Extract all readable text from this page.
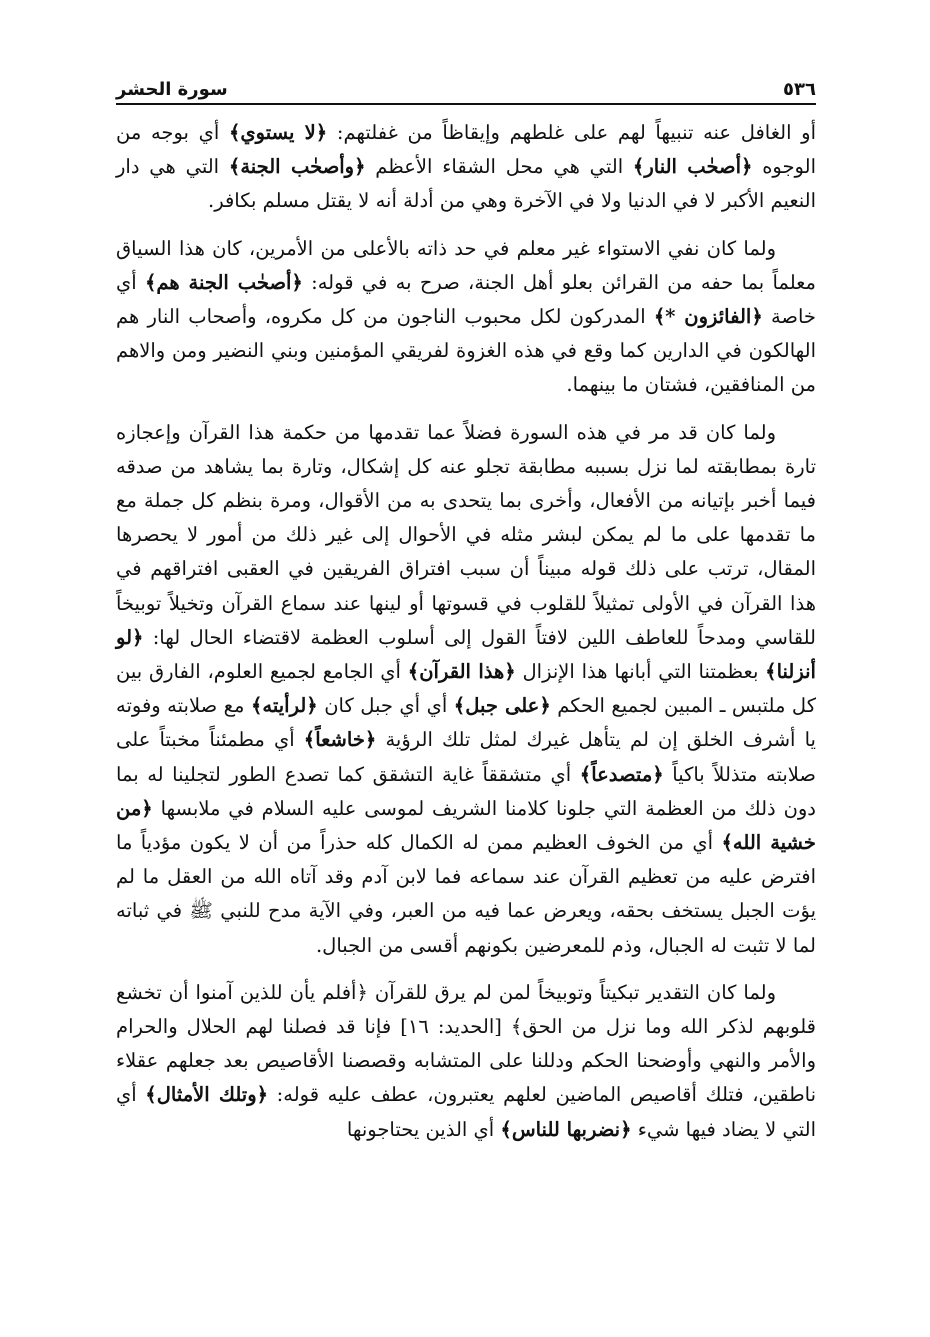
٥٣٦
سورة الحشر

أو الغافل عنه تنبيهاً لهم على غلطهم وإيقاظاً من غفلتهم: ﴿لا يستوي﴾ أي بوجه من الوجوه ﴿أصحٰب النار﴾ التي هي محل الشقاء الأعظم ﴿وأصحٰب الجنة﴾ التي هي دار النعيم الأكبر لا في الدنيا ولا في الآخرة وهي من أدلة أنه لا يقتل مسلم بكافر.

ولما كان نفي الاستواء غير معلم في حد ذاته بالأعلى من الأمرين، كان هذا السياق معلماً بما حفه من القرائن بعلو أهل الجنة، صرح به في قوله: ﴿أصحٰب الجنة هم﴾ أي خاصة ﴿الفائزون *﴾ المدركون لكل محبوب الناجون من كل مكروه، وأصحاب النار هم الهالكون في الدارين كما وقع في هذه الغزوة لفريقي المؤمنين وبني النضير ومن والاهم من المنافقين، فشتان ما بينهما.

ولما كان قد مر في هذه السورة فضلاً عما تقدمها من حكمة هذا القرآن وإعجازه تارة بمطابقته لما نزل بسببه مطابقة تجلو عنه كل إشكال، وتارة بما يشاهد من صدقه فيما أخبر بإتيانه من الأفعال، وأخرى بما يتحدى به من الأقوال، ومرة بنظم كل جملة مع ما تقدمها على ما لم يمكن لبشر مثله في الأحوال إلى غير ذلك من أمور لا يحصرها المقال، ترتب على ذلك قوله مبيناً أن سبب افتراق الفريقين في العقبى افتراقهم في هذا القرآن في الأولى تمثيلاً للقلوب في قسوتها أو لينها عند سماع القرآن وتخيلاً توبيخاً للقاسي ومدحاً للعاطف اللين لافتاً القول إلى أسلوب العظمة لاقتضاء الحال لها: ﴿لو أنزلنا﴾ بعظمتنا التي أبانها هذا الإنزال ﴿هذا القرآن﴾ أي الجامع لجميع العلوم، الفارق بين كل ملتبس ـ المبين لجميع الحكم ﴿على جبل﴾ أي أي جبل كان ﴿لرأيته﴾ مع صلابته وفوته يا أشرف الخلق إن لم يتأهل غيرك لمثل تلك الرؤية ﴿خاشعاً﴾ أي مطمئناً مخبتاً على صلابته متذللاً باكياً ﴿متصدعاً﴾ أي متشققاً غاية التشقق كما تصدع الطور لتجلينا له بما دون ذلك من العظمة التي جلونا كلامنا الشريف لموسى عليه السلام في ملابسها ﴿من خشية الله﴾ أي من الخوف العظيم ممن له الكمال كله حذراً من أن لا يكون مؤدياً ما افترض عليه من تعظيم القرآن عند سماعه فما لابن آدم وقد آتاه الله من العقل ما لم يؤت الجبل يستخف بحقه، ويعرض عما فيه من العبر، وفي الآية مدح للنبي ﷺ في ثباته لما لا تثبت له الجبال، وذم للمعرضين بكونهم أقسى من الجبال.

ولما كان التقدير تبكيتاً وتوبيخاً لمن لم يرق للقرآن ﴿أفلم يأن للذين آمنوا أن تخشع قلوبهم لذكر الله وما نزل من الحق﴾ [الحديد: ١٦] فإنا قد فصلنا لهم الحلال والحرام والأمر والنهي وأوضحنا الحكم ودللنا على المتشابه وقصصنا الأقاصيص بعد جعلهم عقلاء ناطقين، فتلك أقاصيص الماضين لعلهم يعتبرون، عطف عليه قوله: ﴿وتلك الأمثال﴾ أي التي لا يضاد فيها شيء ﴿نضربها للناس﴾ أي الذين يحتاجونها
